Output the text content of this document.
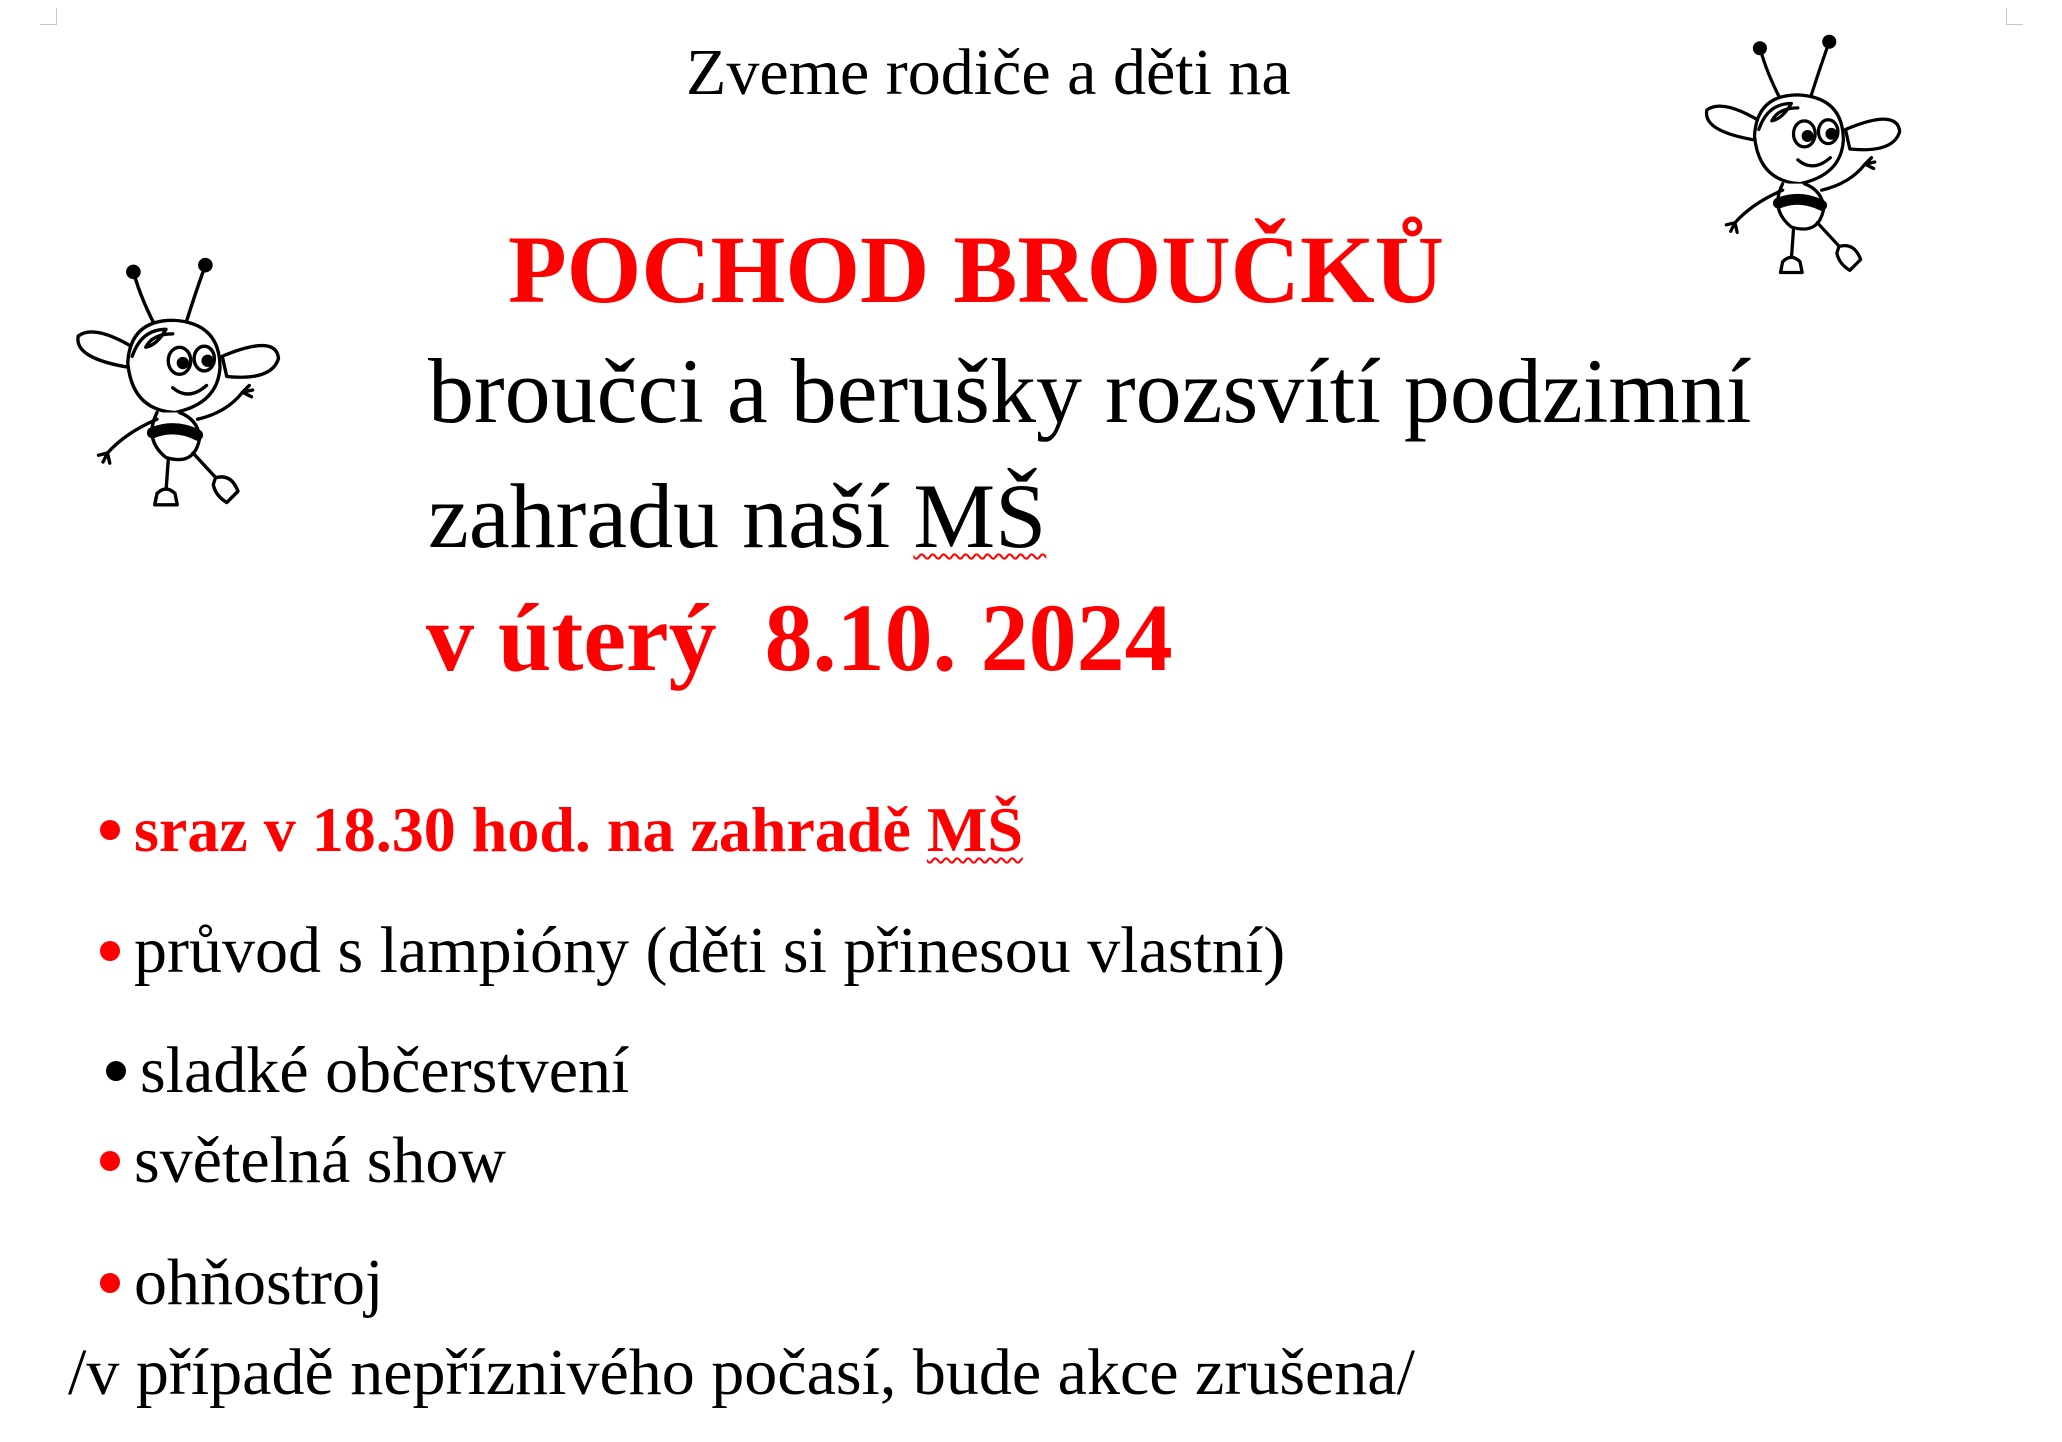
Zveme rodiče a děti na
POCHOD BROUČKŮ
broučci a berušky rozsvítí podzimní
zahradu naší MŠ
v úterý  8.10. 2024
sraz v 18.30 hod. na zahradě MŠ
průvod s lampióny (děti si přinesou vlastní)
sladké občerstvení
světelná show
ohňostroj
/v případě nepříznivého počasí, bude akce zrušena/
